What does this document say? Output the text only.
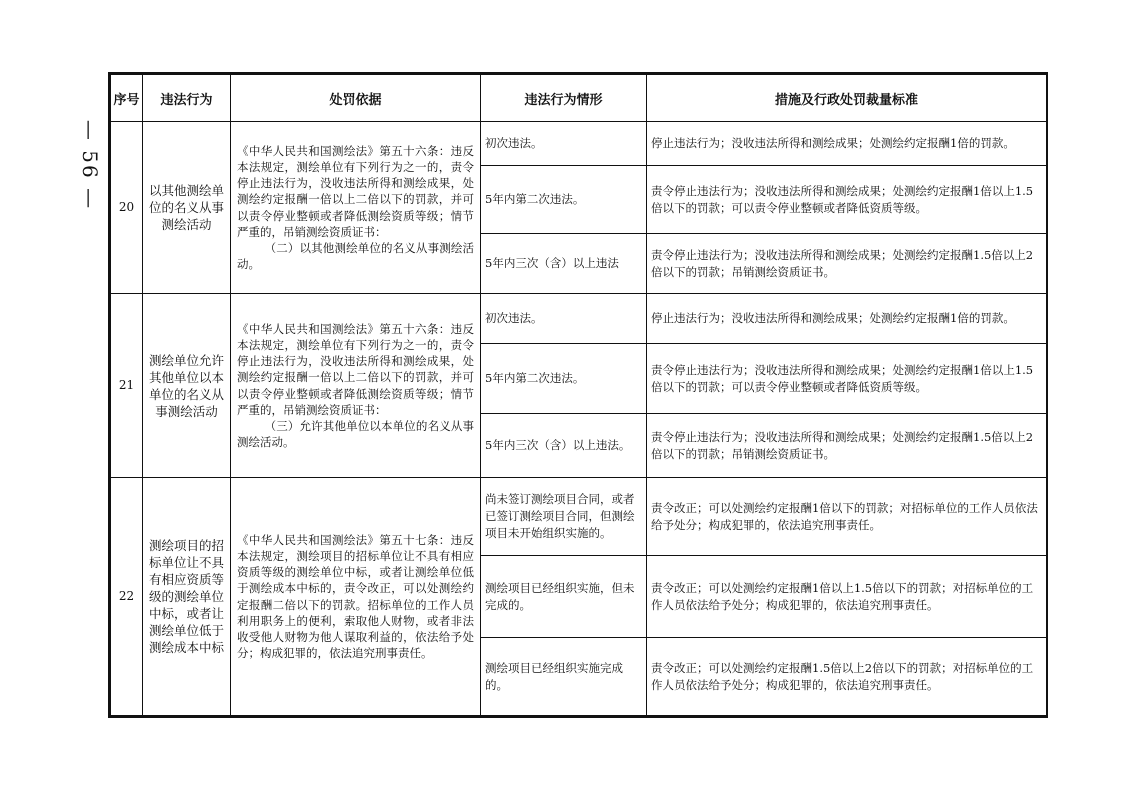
— 56 —
序号	违法行为	处罚依据	违法行为情形	措施及行政处罚裁量标准
20	以其他测绘单位的名义从事测绘活动	《中华人民共和国测绘法》第五十六条：违反本法规定，测绘单位有下列行为之一的，责令停止违法行为，没收违法所得和测绘成果，处测绘约定报酬一倍以上二倍以下的罚款，并可以责令停业整顿或者降低测绘资质等级；情节严重的，吊销测绘资质证书：
（二）以其他测绘单位的名义从事测绘活动。	初次违法。	停止违法行为；没收违法所得和测绘成果；处测绘约定报酬1倍的罚款。
			5年内第二次违法。	责令停止违法行为；没收违法所得和测绘成果；处测绘约定报酬1倍以上1.5倍以下的罚款；可以责令停业整顿或者降低资质等级。
			5年内三次（含）以上违法	责令停止违法行为；没收违法所得和测绘成果；处测绘约定报酬1.5倍以上2倍以下的罚款；吊销测绘资质证书。
21	测绘单位允许其他单位以本单位的名义从事测绘活动	《中华人民共和国测绘法》第五十六条：违反本法规定，测绘单位有下列行为之一的，责令停止违法行为，没收违法所得和测绘成果，处测绘约定报酬一倍以上二倍以下的罚款，并可以责令停业整顿或者降低测绘资质等级；情节严重的，吊销测绘资质证书：
（三）允许其他单位以本单位的名义从事测绘活动。	初次违法。	停止违法行为；没收违法所得和测绘成果；处测绘约定报酬1倍的罚款。
			5年内第二次违法。	责令停止违法行为；没收违法所得和测绘成果；处测绘约定报酬1倍以上1.5倍以下的罚款；可以责令停业整顿或者降低资质等级。
			5年内三次（含）以上违法。	责令停止违法行为；没收违法所得和测绘成果；处测绘约定报酬1.5倍以上2倍以下的罚款；吊销测绘资质证书。
22	测绘项目的招标单位让不具有相应资质等级的测绘单位中标，或者让测绘单位低于测绘成本中标	《中华人民共和国测绘法》第五十七条：违反本法规定，测绘项目的招标单位让不具有相应资质等级的测绘单位中标，或者让测绘单位低于测绘成本中标的，责令改正，可以处测绘约定报酬二倍以下的罚款。招标单位的工作人员利用职务上的便利，索取他人财物，或者非法收受他人财物为他人谋取利益的，依法给予处分；构成犯罪的，依法追究刑事责任。	尚未签订测绘项目合同，或者已签订测绘项目合同，但测绘项目未开始组织实施的。	责令改正；可以处测绘约定报酬1倍以下的罚款；对招标单位的工作人员依法给予处分；构成犯罪的，依法追究刑事责任。
			测绘项目已经组织实施，但未完成的。	责令改正；可以处测绘约定报酬1倍以上1.5倍以下的罚款；对招标单位的工作人员依法给予处分；构成犯罪的，依法追究刑事责任。
			测绘项目已经组织实施完成的。	责令改正；可以处测绘约定报酬1.5倍以上2倍以下的罚款；对招标单位的工作人员依法给予处分；构成犯罪的，依法追究刑事责任。
